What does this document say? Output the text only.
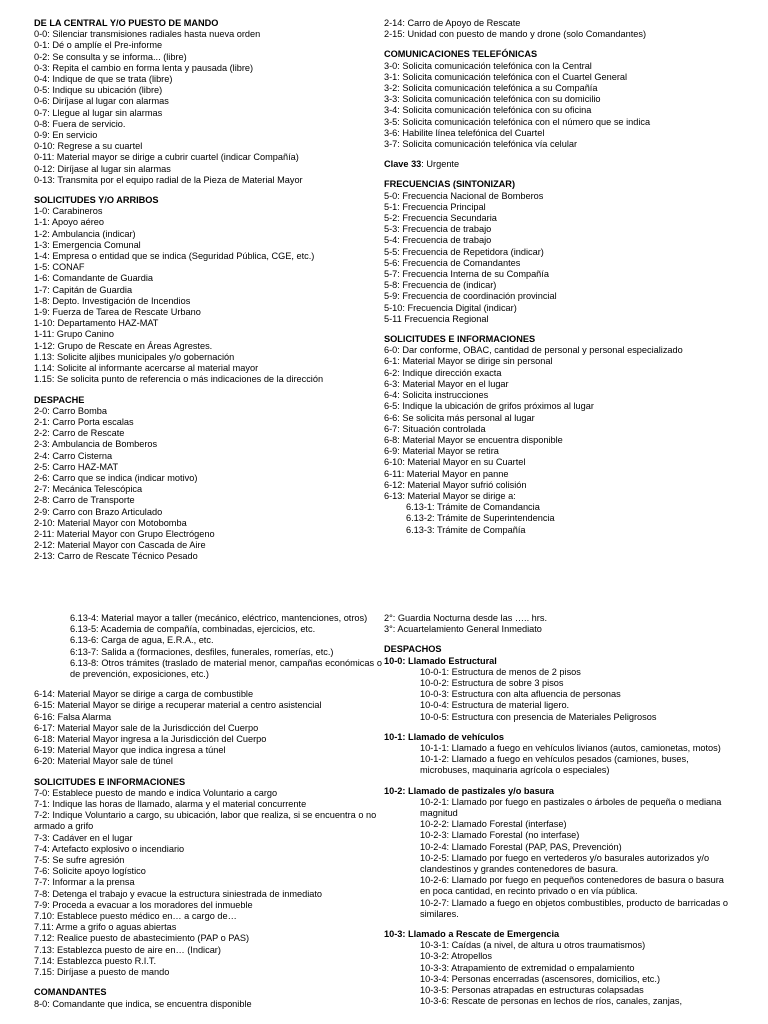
DE LA CENTRAL Y/O PUESTO DE MANDO
0-0: Silenciar transmisiones radiales hasta nueva orden
0-1: Dé o amplíe el Pre-informe
0-2: Se consulta y se informa... (libre)
0-3: Repita el cambio en forma lenta y pausada (libre)
0-4: Indique de que se trata (libre)
0-5: Indique su ubicación (libre)
0-6: Diríjase al lugar con alarmas
0-7: Llegue al lugar sin alarmas
0-8: Fuera de servicio.
0-9: En servicio
0-10: Regrese a su cuartel
0-11: Material mayor se dirige a cubrir cuartel (indicar Compañía)
0-12: Diríjase al lugar sin alarmas
0-13: Transmita por el equipo radial de la Pieza de Material Mayor
SOLICITUDES Y/O ARRIBOS
1-0: Carabineros
1-1: Apoyo aéreo
1-2: Ambulancia (indicar)
1-3: Emergencia Comunal
1-4: Empresa o entidad que se indica (Seguridad Pública, CGE, etc.)
1-5: CONAF
1-6: Comandante de Guardia
1-7: Capitán de Guardia
1-8: Depto. Investigación de Incendios
1-9: Fuerza de Tarea de Rescate Urbano
1-10: Departamento HAZ-MAT
1-11: Grupo Canino
1-12: Grupo de Rescate en Áreas Agrestes.
1.13: Solicite aljibes municipales y/o gobernación
1.14: Solicite al informante acercarse al material mayor
1.15: Se solicita punto de referencia o más indicaciones de la dirección
DESPACHE
2-0: Carro Bomba
2-1: Carro Porta escalas
2-2: Carro de Rescate
2-3: Ambulancia de Bomberos
2-4: Carro Cisterna
2-5: Carro HAZ-MAT
2-6: Carro que se indica (indicar motivo)
2-7: Mecánica Telescópica
2-8: Carro de Transporte
2-9: Carro con Brazo Articulado
2-10: Material Mayor con Motobomba
2-11: Material Mayor con Grupo Electrógeno
2-12: Material Mayor con Cascada de Aire
2-13: Carro de Rescate Técnico Pesado
2-14: Carro de Apoyo de Rescate
2-15: Unidad con puesto de mando y drone (solo Comandantes)
COMUNICACIONES TELEFÓNICAS
3-0: Solicita comunicación telefónica con la Central
3-1: Solicita comunicación telefónica con el Cuartel General
3-2: Solicita comunicación telefónica a su Compañía
3-3: Solicita comunicación telefónica con su domicilio
3-4: Solicita comunicación telefónica con su oficina
3-5: Solicita comunicación telefónica con el número que se indica
3-6: Habilite línea telefónica del Cuartel
3-7: Solicita comunicación telefónica vía celular
Clave 33: Urgente
FRECUENCIAS (SINTONIZAR)
5-0: Frecuencia Nacional de Bomberos
5-1: Frecuencia Principal
5-2: Frecuencia Secundaria
5-3: Frecuencia de trabajo
5-4: Frecuencia de trabajo
5-5: Frecuencia de Repetidora (indicar)
5-6: Frecuencia de Comandantes
5-7: Frecuencia Interna de su Compañía
5-8: Frecuencia de (indicar)
5-9: Frecuencia de coordinación provincial
5-10: Frecuencia Digital (indicar)
5-11 Frecuencia Regional
SOLICITUDES E INFORMACIONES
6-0: Dar conforme, OBAC, cantidad de personal y personal especializado
6-1: Material Mayor se dirige sin personal
6-2: Indique dirección exacta
6-3: Material Mayor en el lugar
6-4: Solicita instrucciones
6-5: Indique la ubicación de grifos próximos al lugar
6-6: Se solicita más personal al lugar
6-7: Situación controlada
6-8: Material Mayor se encuentra disponible
6-9: Material Mayor se retira
6-10: Material Mayor en su Cuartel
6-11: Material Mayor en panne
6-12: Material Mayor sufrió colisión
6-13: Material Mayor se dirige a:
6.13-1: Trámite de Comandancia
6.13-2: Trámite de Superintendencia
6.13-3: Trámite de Compañía
6.13-4: Material mayor a taller (mecánico, eléctrico, mantenciones, otros)
6.13-5: Academia de compañía, combinadas, ejercicios, etc.
6.13-6: Carga de agua, E.R.A., etc.
6:13-7: Salida a (formaciones, desfiles, funerales, romerías, etc.)
6.13-8: Otros trámites (traslado de material menor, campañas económicas o de prevención, exposiciones, etc.)
6-14: Material Mayor se dirige a carga de combustible
6-15: Material Mayor se dirige a recuperar material a centro asistencial
6-16: Falsa Alarma
6-17: Material Mayor sale de la Jurisdicción del Cuerpo
6-18: Material Mayor ingresa a la Jurisdicción del Cuerpo
6-19: Material Mayor que indica ingresa a túnel
6-20: Material Mayor sale de túnel
SOLICITUDES E INFORMACIONES
7-0: Establece puesto de mando e indica Voluntario a cargo
7-1: Indique las horas de llamado, alarma y el material concurrente
7-2: Indique Voluntario a cargo, su ubicación, labor que realiza, si se encuentra o no armado a grifo
7-3: Cadáver en el lugar
7-4: Artefacto explosivo o incendiario
7-5: Se sufre agresión
7-6: Solicite apoyo logístico
7-7: Informar a la prensa
7-8: Detenga el trabajo y evacue la estructura siniestrada de inmediato
7-9: Proceda a evacuar a los moradores del inmueble
7.10: Establece puesto médico en… a cargo de…
7.11: Arme a grifo o aguas abiertas
7.12: Realice puesto de abastecimiento (PAP o PAS)
7.13: Establezca puesto de aire en… (Indicar)
7.14: Establezca puesto R.I.T.
7.15: Diríjase a puesto de mando
COMANDANTES
8-0: Comandante que indica, se encuentra disponible
2°: Guardia Nocturna desde las ….. hrs.
3°: Acuartelamiento General Inmediato
DESPACHOS
10-0: Llamado Estructural
10-0-1: Estructura de menos de 2 pisos
10-0-2: Estructura de sobre 3 pisos
10-0-3: Estructura con alta afluencia de personas
10-0-4: Estructura de material ligero.
10-0-5: Estructura con presencia de Materiales Peligrosos
10-1: Llamado de vehículos
10-1-1: Llamado a fuego en vehículos livianos (autos, camionetas, motos)
10-1-2: Llamado a fuego en vehículos pesados (camiones, buses, microbuses, maquinaria agrícola o especiales)
10-2: Llamado de pastizales y/o basura
10-2-1: Llamado por fuego en pastizales o árboles de pequeña o mediana magnitud
10-2-2: Llamado Forestal (interfase)
10-2-3: Llamado Forestal (no interfase)
10-2-4: Llamado Forestal (PAP, PAS, Prevención)
10-2-5: Llamado por fuego en vertederos y/o basurales autorizados y/o clandestinos y grandes contenedores de basura.
10-2-6: Llamado por fuego en pequeños contenedores de basura o basura en poca cantidad, en recinto privado o en vía pública.
10-2-7: Llamado a fuego en objetos combustibles, producto de barricadas o similares.
10-3: Llamado a Rescate de Emergencia
10-3-1: Caídas (a nivel, de altura u otros traumatismos)
10-3-2: Atropellos
10-3-3: Atrapamiento de extremidad o empalamiento
10-3-4: Personas encerradas (ascensores, domicilios, etc.)
10-3-5: Personas atrapadas en estructuras colapsadas
10-3-6: Rescate de personas en lechos de ríos, canales, zanjas,
